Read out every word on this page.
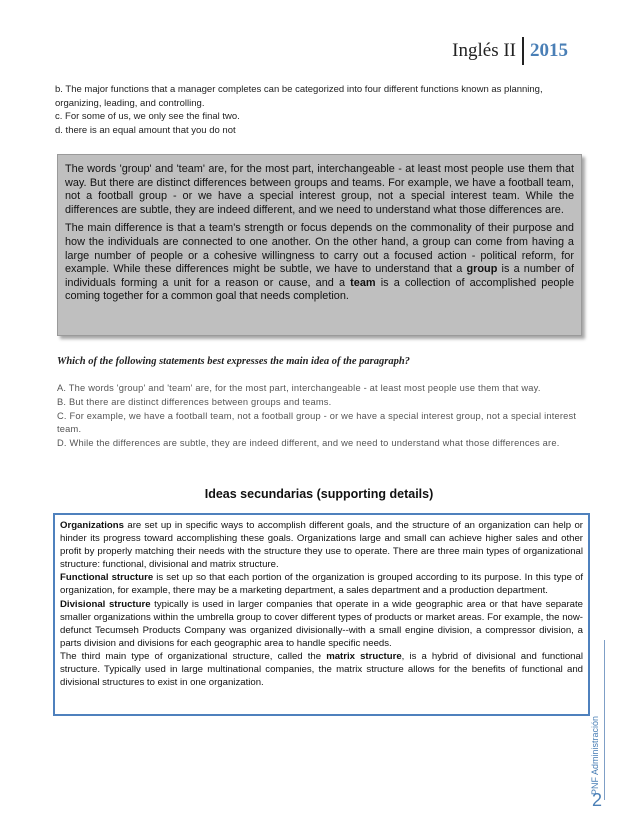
Inglés II 2015

b. The major functions that a manager completes can be categorized into four different functions known as planning, organizing, leading, and controlling.

c. For some of us, we only see the final two.

d. there is an equal amount that you do not

The words 'group' and 'team' are, for the most part, interchangeable - at least most people use them that way. But there are distinct differences between groups and teams. For example, we have a football team, not a football group - or we have a special interest group, not a special interest team. While the differences are subtle, they are indeed different, and we need to understand what those differences are.

The main difference is that a team's strength or focus depends on the commonality of their purpose and how the individuals are connected to one another. On the other hand, a group can come from having a large number of people or a cohesive willingness to carry out a focused action - political reform, for example. While these differences might be subtle, we have to understand that a group is a number of individuals forming a unit for a reason or cause, and a team is a collection of accomplished people coming together for a common goal that needs completion.

Which of the following statements best expresses the main idea of the paragraph?

A. The words 'group' and 'team' are, for the most part, interchangeable - at least most people use them that way.

B. But there are distinct differences between groups and teams.

C. For example, we have a football team, not a football group - or we have a special interest group, not a special interest team.

D. While the differences are subtle, they are indeed different, and we need to understand what those differences are.

Ideas secundarias (supporting details)

Organizations are set up in specific ways to accomplish different goals, and the structure of an organization can help or hinder its progress toward accomplishing these goals. Organizations large and small can achieve higher sales and other profit by properly matching their needs with the structure they use to operate. There are three main types of organizational structure: functional, divisional and matrix structure.

Functional structure is set up so that each portion of the organization is grouped according to its purpose. In this type of organization, for example, there may be a marketing department, a sales department and a production department.

Divisional structure typically is used in larger companies that operate in a wide geographic area or that have separate smaller organizations within the umbrella group to cover different types of products or market areas. For example, the now-defunct Tecumseh Products Company was organized divisionally--with a small engine division, a compressor division, a parts division and divisions for each geographic area to handle specific needs.

The third main type of organizational structure, called the matrix structure, is a hybrid of divisional and functional structure. Typically used in large multinational companies, the matrix structure allows for the benefits of functional and divisional structures to exist in one organization.

PNF Administración
2
